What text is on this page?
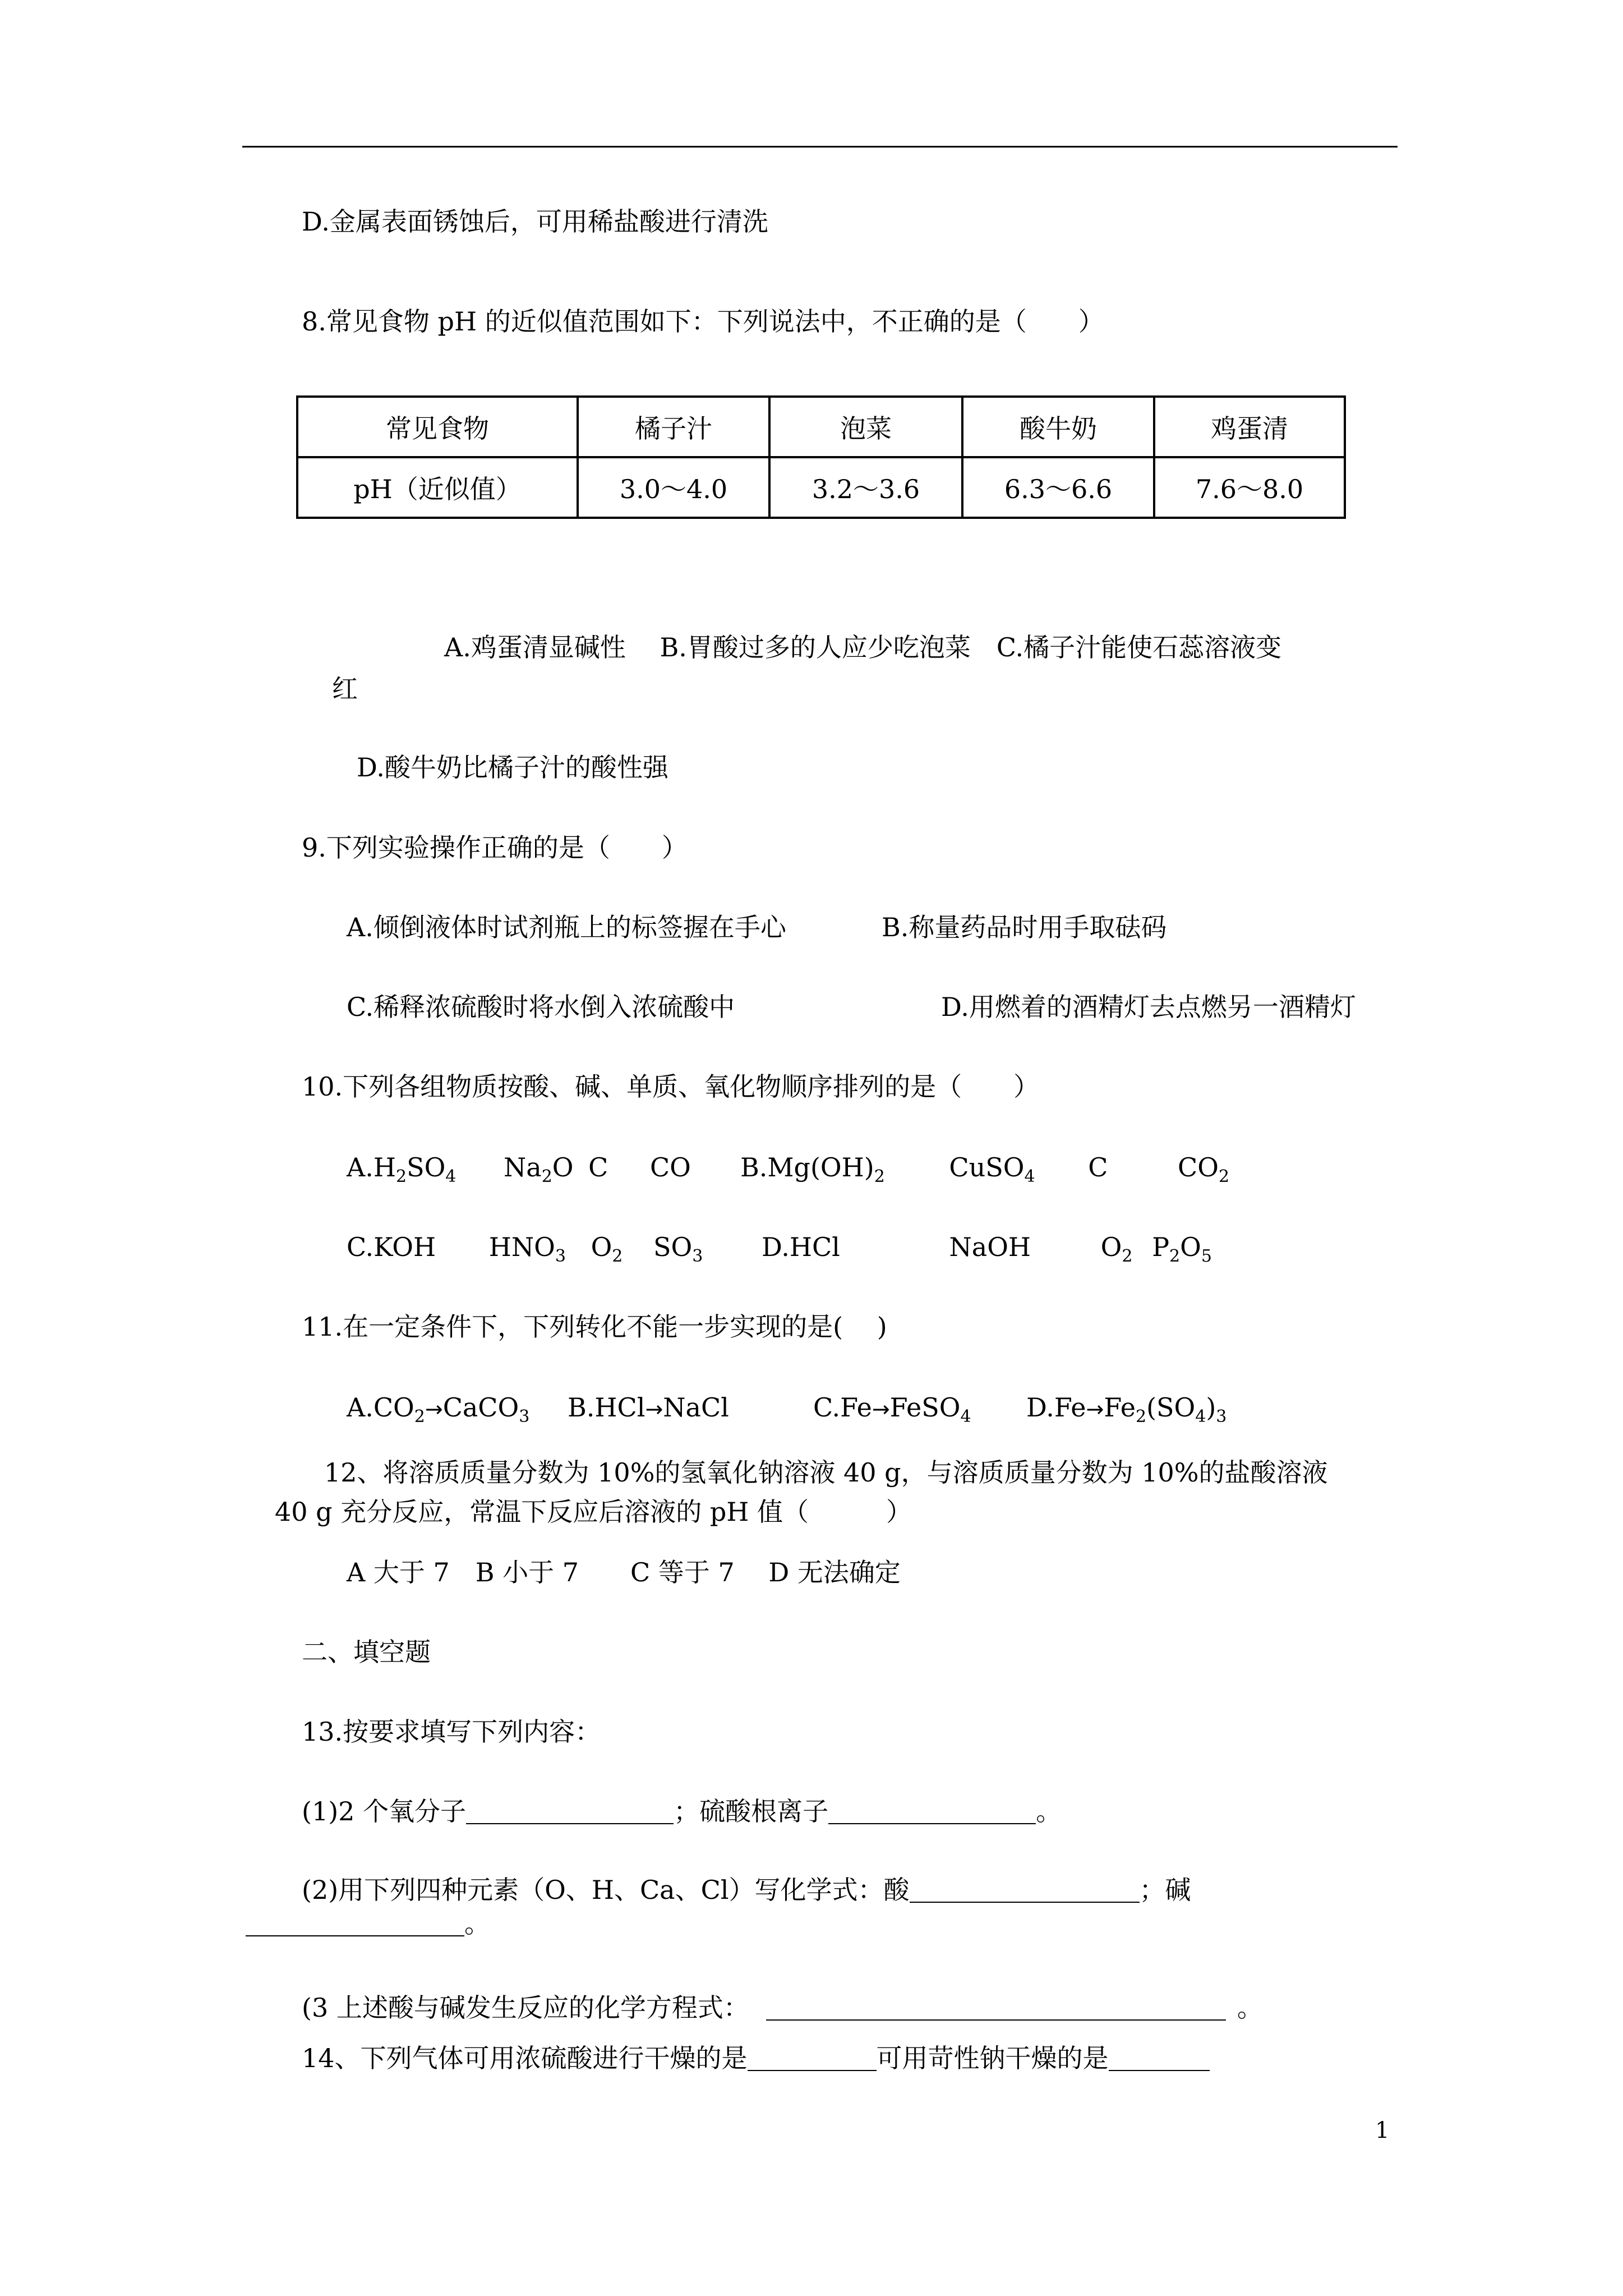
D.金属表面锈蚀后，可用稀盐酸进行清洗
8.常见食物 pH 的近似值范围如下：下列说法中，不正确的是（　　）
常见食物	橘子汁	泡菜	酸牛奶	鸡蛋清
pH（近似值）	3.0～4.0	3.2～3.6	6.3～6.6	7.6～8.0
A.鸡蛋清显碱性　 B.胃酸过多的人应少吃泡菜　C.橘子汁能使石蕊溶液变
红
D.酸牛奶比橘子汁的酸性强
9.下列实验操作正确的是（　　）
A.倾倒液体时试剂瓶上的标签握在手心	B.称量药品时用手取砝码
C.稀释浓硫酸时将水倒入浓硫酸中	D.用燃着的酒精灯去点燃另一酒精灯
10.下列各组物质按酸、碱、单质、氧化物顺序排列的是（　　）
$A.H_2SO_4$ $Na_2O$ C CO $B.Mg(OH)_2$ CuSO$_4$ C	$CO_2$
C.KOH $HNO_3$ $O_2$ $SO_3$ D.HCl	NaOH	$O_2$ $P_2O_5$
11.在一定条件下，下列转化不能一步实现的是(　 )
$A.CO_2\to CaCO_3$ B.HCl→NaCl	C.Fe→FeSO$_4$ $D.Fe\to Fe_2(SO_4)_3$
12、将溶质质量分数为 10%的氢氧化钠溶液 40 g，与溶质质量分数为 10%的盐酸溶液
40 g 充分反应，常温下反应后溶液的 pH 值（　　　）
A 大于 7　B 小于 7　　C 等于 7　 D 无法确定
二、填空题
13.按要求填写下列内容：
(1)2 个氧分子	；硫酸根离子	。
(2)用下列四种元素（O、H、Ca、Cl）写化学式：酸	；碱
。
(3 上述酸与碱发生反应的化学方程式：	。
14、下列气体可用浓硫酸进行干燥的是	可用苛性钠干燥的是
1
